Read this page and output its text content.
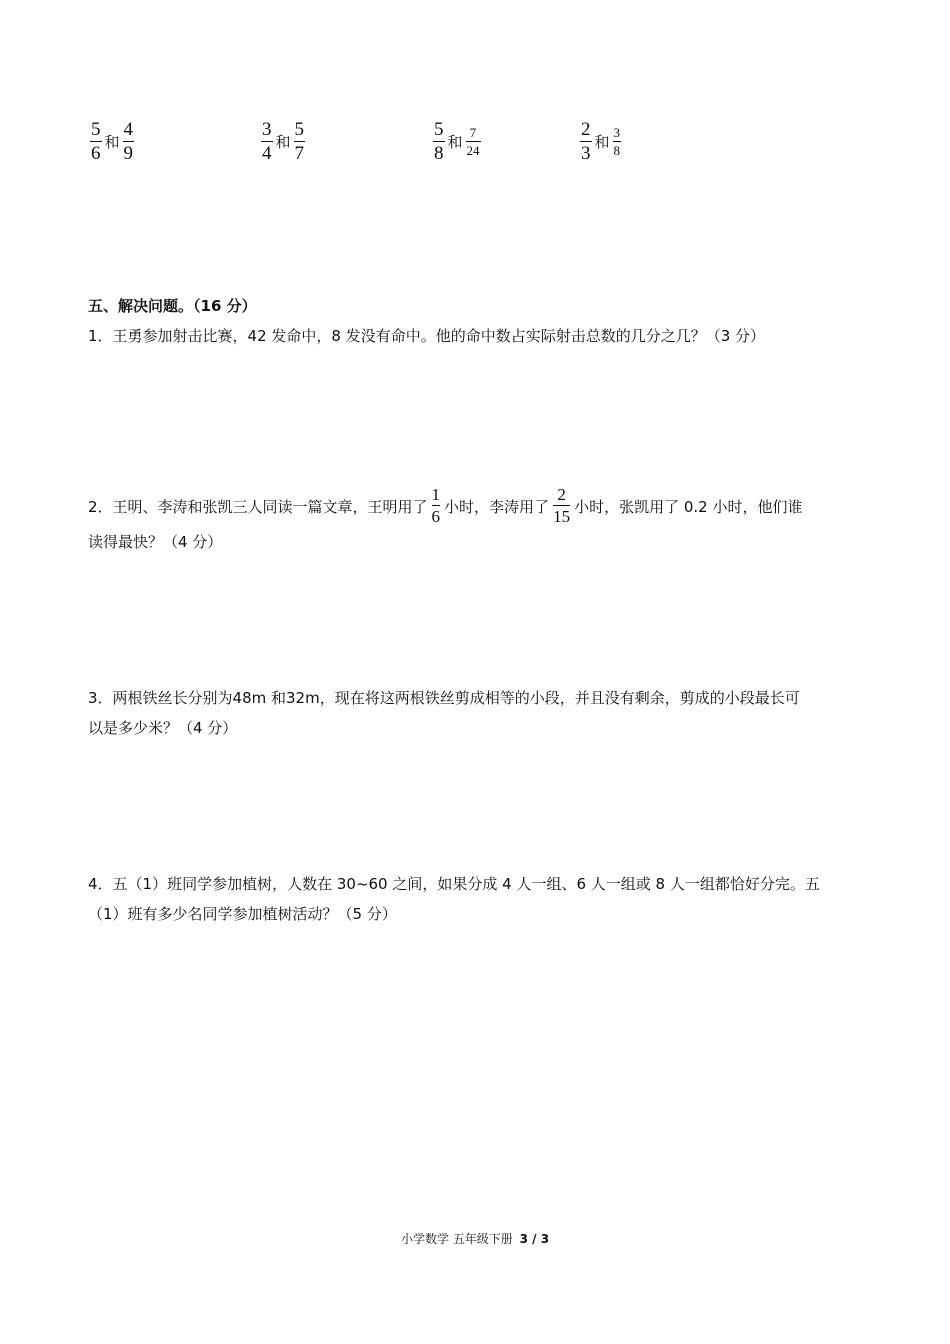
$\frac{5}{6}$ 和 $\frac{4}{9}$	$\frac{3}{4}$ 和 $\frac{5}{7}$	$\frac{5}{8}$ 和 $\frac{7}{24}$	$\frac{2}{3}$ 和 $\frac{3}{8}$
五、解决问题。（16 分）
1．王勇参加射击比赛，42 发命中，8 发没有命中。他的命中数占实际射击总数的几分之几？（3 分）
2．王明、李涛和张凯三人同读一篇文章，王明用了 $\frac{1}{6}$ 小时，李涛用了 $\frac{2}{15}$ 小时，张凯用了 0.2 小时，他们谁
读得最快？（4 分）
3．两根铁丝长分别为48m 和32m，现在将这两根铁丝剪成相等的小段，并且没有剩余，剪成的小段最长可
以是多少米？（4 分）
4．五（1）班同学参加植树，人数在 30~60 之间，如果分成 4 人一组、6 人一组或 8 人一组都恰好分完。五
（1）班有多少名同学参加植树活动？（5 分）
小学数学 五年级下册 3 / 3
